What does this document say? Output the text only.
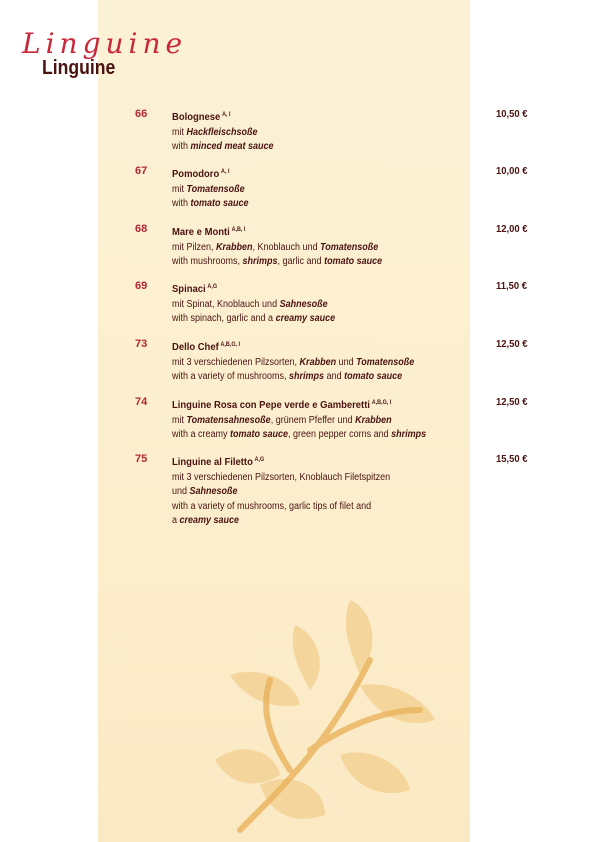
Linguine
Linguine
66 Bolognese $^{A, I}$
mit Hackfleischsoße
with minced meat sauce
10,50 €
67 Pomodoro $^{A, I}$
mit Tomatensoße
with tomato sauce
10,00 €
68 Mare e Monti $^{A,B, I}$
mit Pilzen, Krabben, Knoblauch und Tomatensoße
with mushrooms, shrimps, garlic and tomato sauce
12,00 €
69 Spinaci $^{A,G}$
mit Spinat, Knoblauch und Sahnesoße
with spinach, garlic and a creamy sauce
11,50 €
73 Dello Chef $^{A,B,G, I}$
mit 3 verschiedenen Pilzsorten, Krabben und Tomatensoße
with a variety of mushrooms, shrimps and tomato sauce
12,50 €
74 Linguine Rosa con Pepe verde e Gamberetti $^{A,B,G, I}$
mit Tomatensahnesoße, grünem Pfeffer und Krabben
with a creamy tomato sauce, green pepper corns and shrimps
12,50 €
75 Linguine al Filetto $^{A,G}$
mit 3 verschiedenen Pilzsorten, Knoblauch Filetspitzen
und Sahnesoße
with a variety of mushrooms, garlic tips of filet and
a creamy sauce
15,50 €
